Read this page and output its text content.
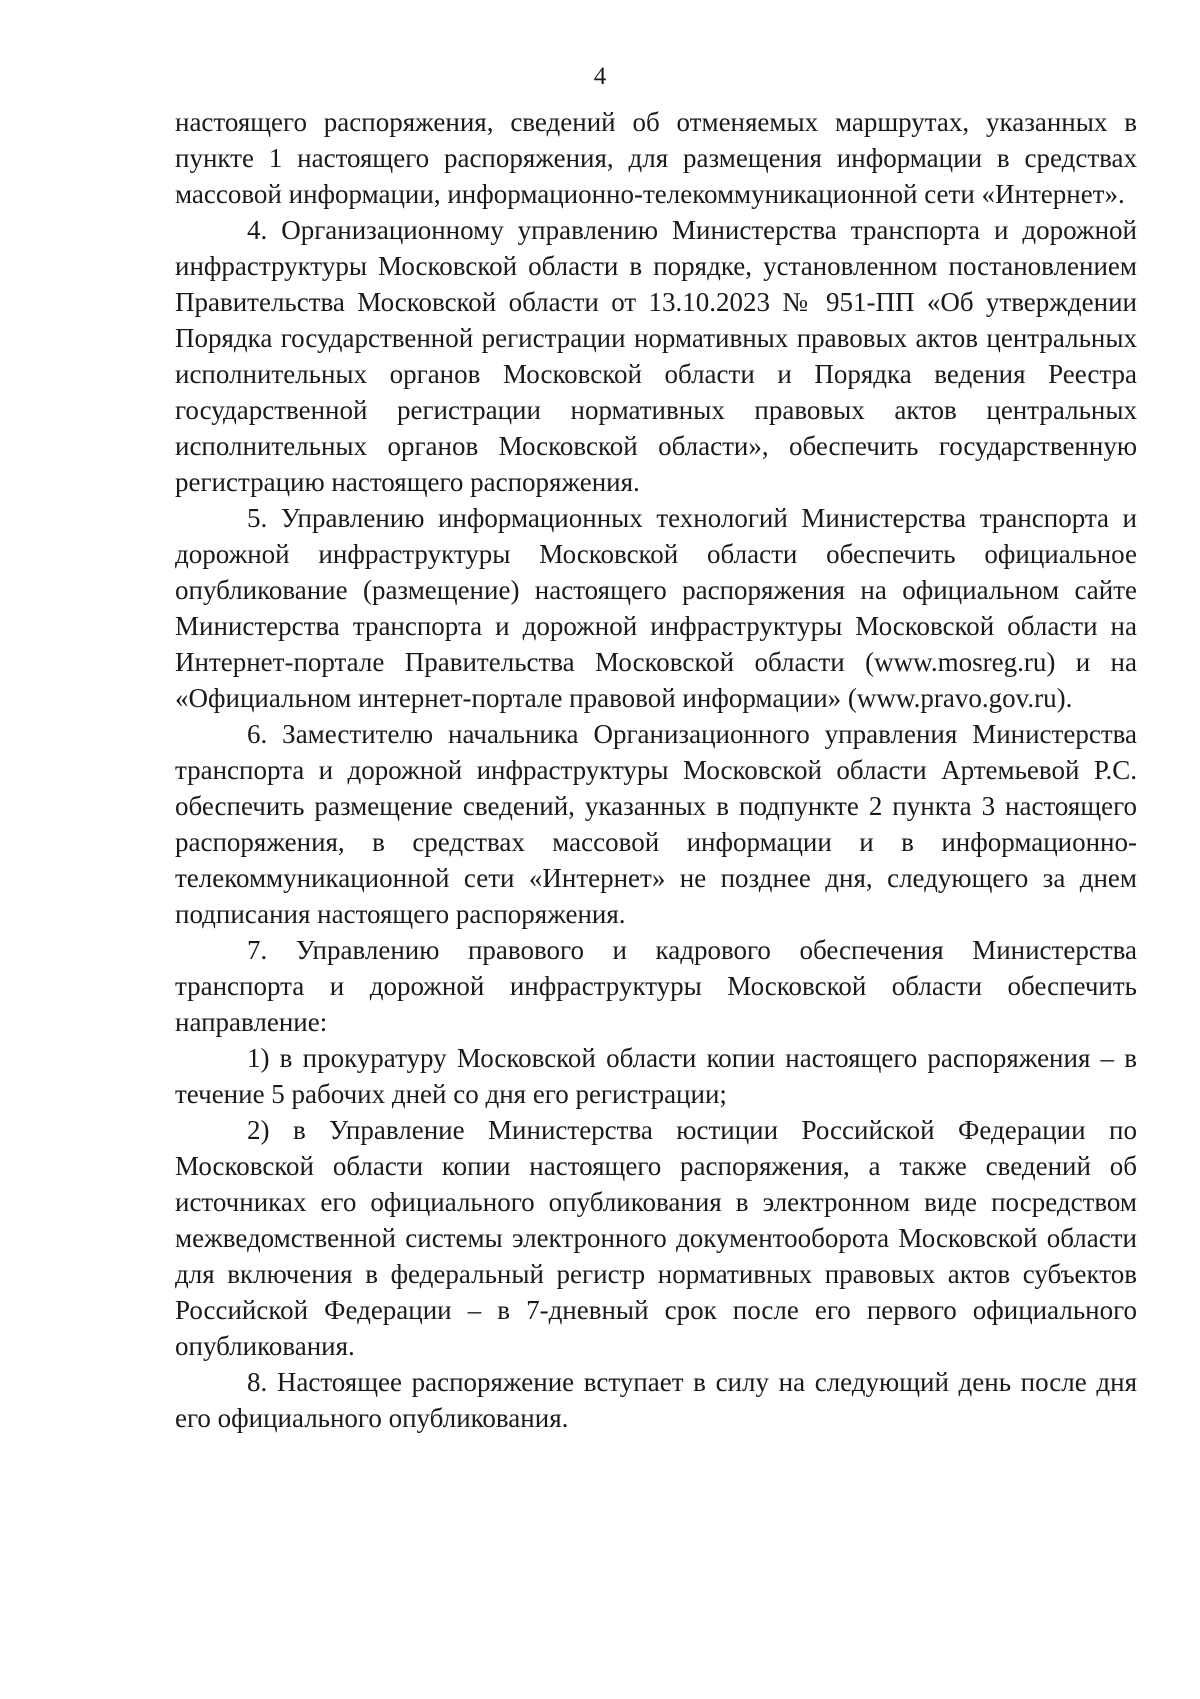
4

настоящего распоряжения, сведений об отменяемых маршрутах, указанных в пункте 1 настоящего распоряжения, для размещения информации в средствах массовой информации, информационно-телекоммуникационной сети «Интернет».

4. Организационному управлению Министерства транспорта и дорожной инфраструктуры Московской области в порядке, установленном постановлением Правительства Московской области от 13.10.2023 № 951-ПП «Об утверждении Порядка государственной регистрации нормативных правовых актов центральных исполнительных органов Московской области и Порядка ведения Реестра государственной регистрации нормативных правовых актов центральных исполнительных органов Московской области», обеспечить государственную регистрацию настоящего распоряжения.

5. Управлению информационных технологий Министерства транспорта и дорожной инфраструктуры Московской области обеспечить официальное опубликование (размещение) настоящего распоряжения на официальном сайте Министерства транспорта и дорожной инфраструктуры Московской области на Интернет-портале Правительства Московской области (www.mosreg.ru) и на «Официальном интернет-портале правовой информации» (www.pravo.gov.ru).

6. Заместителю начальника Организационного управления Министерства транспорта и дорожной инфраструктуры Московской области Артемьевой Р.С. обеспечить размещение сведений, указанных в подпункте 2 пункта 3 настоящего распоряжения, в средствах массовой информации и в информационно-телекоммуникационной сети «Интернет» не позднее дня, следующего за днем подписания настоящего распоряжения.

7. Управлению правового и кадрового обеспечения Министерства транспорта и дорожной инфраструктуры Московской области обеспечить направление:

1) в прокуратуру Московской области копии настоящего распоряжения – в течение 5 рабочих дней со дня его регистрации;

2) в Управление Министерства юстиции Российской Федерации по Московской области копии настоящего распоряжения, а также сведений об источниках его официального опубликования в электронном виде посредством межведомственной системы электронного документооборота Московской области для включения в федеральный регистр нормативных правовых актов субъектов Российской Федерации – в 7-дневный срок после его первого официального опубликования.

8. Настоящее распоряжение вступает в силу на следующий день после дня его официального опубликования.
